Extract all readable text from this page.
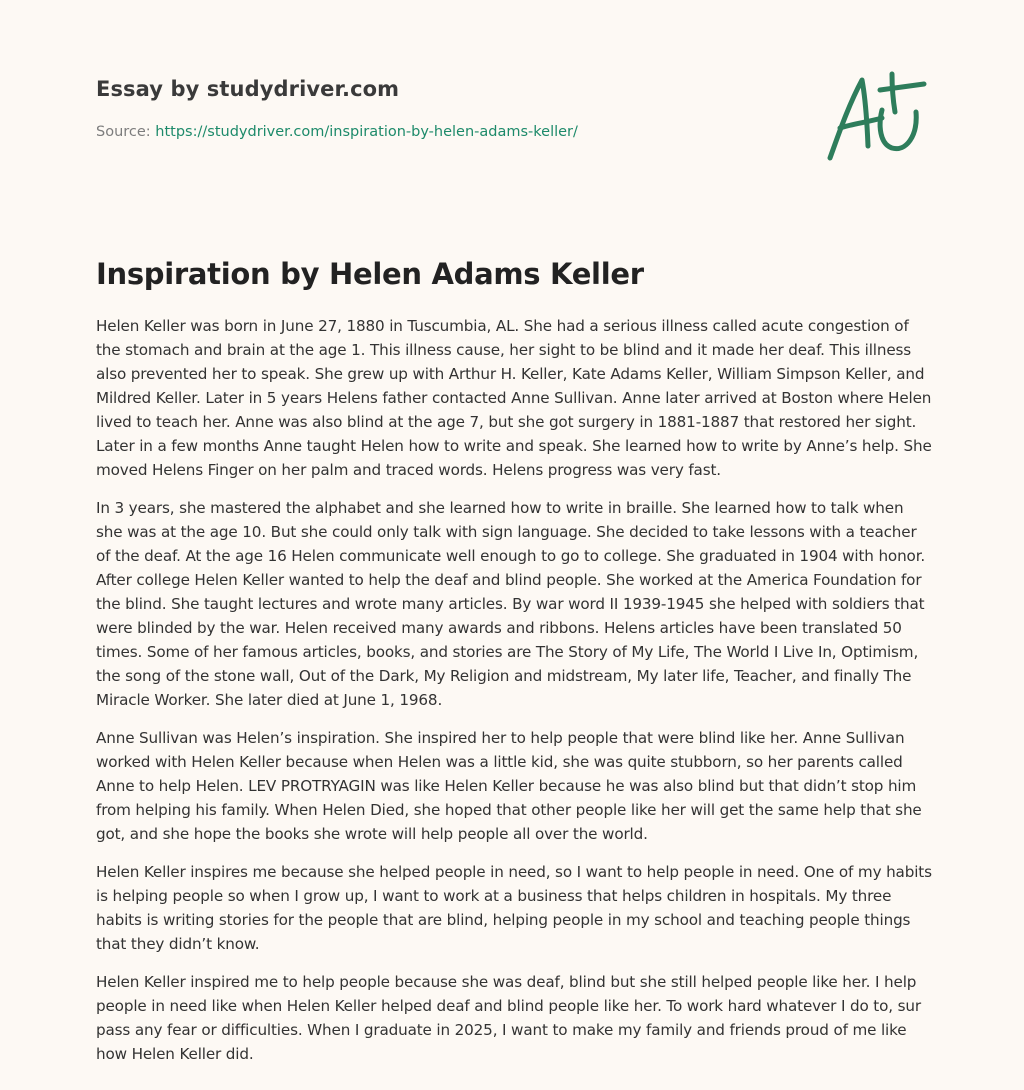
Essay by studydriver.com
Source: https://studydriver.com/inspiration-by-helen-adams-keller/
Inspiration by Helen Adams Keller

Helen Keller was born in June 27, 1880 in Tuscumbia, AL. She had a serious illness called acute congestion of the stomach and brain at the age 1. This illness cause, her sight to be blind and it made her deaf. This illness also prevented her to speak. She grew up with Arthur H. Keller, Kate Adams Keller, William Simpson Keller, and Mildred Keller. Later in 5 years Helens father contacted Anne Sullivan. Anne later arrived at Boston where Helen lived to teach her. Anne was also blind at the age 7, but she got surgery in 1881-1887 that restored her sight. Later in a few months Anne taught Helen how to write and speak. She learned how to write by Anne’s help. She moved Helens Finger on her palm and traced words. Helens progress was very fast.

In 3 years, she mastered the alphabet and she learned how to write in braille. She learned how to talk when she was at the age 10. But she could only talk with sign language. She decided to take lessons with a teacher of the deaf. At the age 16 Helen communicate well enough to go to college. She graduated in 1904 with honor. After college Helen Keller wanted to help the deaf and blind people. She worked at the America Foundation for the blind. She taught lectures and wrote many articles. By war word II 1939-1945 she helped with soldiers that were blinded by the war. Helen received many awards and ribbons. Helens articles have been translated 50 times. Some of her famous articles, books, and stories are The Story of My Life, The World I Live In, Optimism, the song of the stone wall, Out of the Dark, My Religion and midstream, My later life, Teacher, and finally The Miracle Worker. She later died at June 1, 1968.

Anne Sullivan was Helen’s inspiration. She inspired her to help people that were blind like her. Anne Sullivan worked with Helen Keller because when Helen was a little kid, she was quite stubborn, so her parents called Anne to help Helen. LEV PROTRYAGIN was like Helen Keller because he was also blind but that didn’t stop him from helping his family. When Helen Died, she hoped that other people like her will get the same help that she got, and she hope the books she wrote will help people all over the world.

Helen Keller inspires me because she helped people in need, so I want to help people in need. One of my habits is helping people so when I grow up, I want to work at a business that helps children in hospitals. My three habits is writing stories for the people that are blind, helping people in my school and teaching people things that they didn’t know.

Helen Keller inspired me to help people because she was deaf, blind but she still helped people like her. I help people in need like when Helen Keller helped deaf and blind people like her. To work hard whatever I do to, sur pass any fear or difficulties. When I graduate in 2025, I want to make my family and friends proud of me like how Helen Keller did.
